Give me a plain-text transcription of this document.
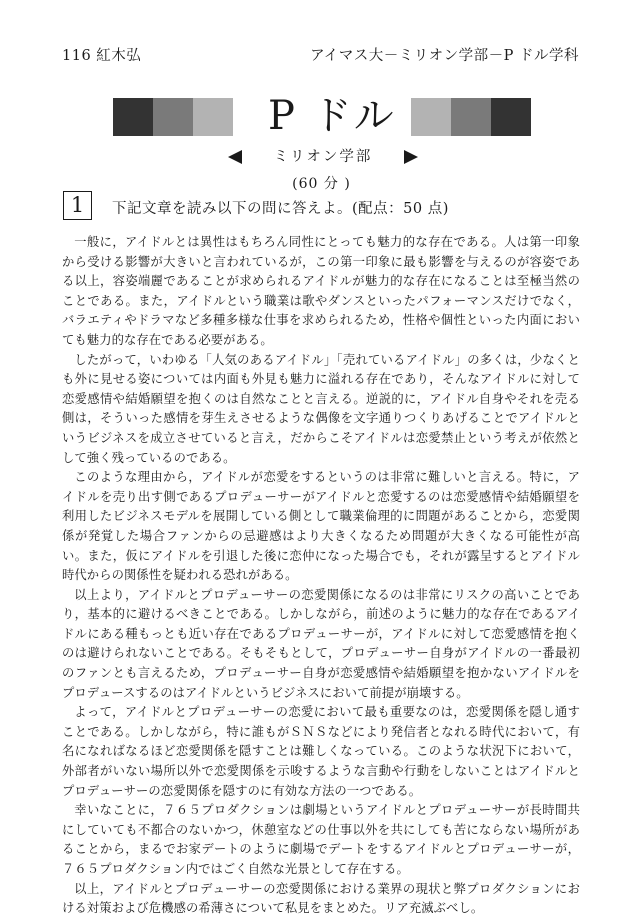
116 紅木弘	アイマス大－ミリオン学部－P ドル学科
P ドル
ミリオン学部
(60 分 )
1	下記文章を読み以下の問に答えよ。(配点：50 点)

一般に，アイドルとは異性はもちろん同性にとっても魅力的な存在である。人は第一印象から受ける影響が大きいと言われているが，この第一印象に最も影響を与えるのが容姿である以上，容姿端麗であることが求められるアイドルが魅力的な存在になることは至極当然のことである。また，アイドルという職業は歌やダンスといったパフォーマンスだけでなく，バラエティやドラマなど多種多様な仕事を求められるため，性格や個性といった内面においても魅力的な存在である必要がある。

したがって，いわゆる「人気のあるアイドル」「売れているアイドル」の多くは，少なくとも外に見せる姿については内面も外見も魅力に溢れる存在であり，そんなアイドルに対して恋愛感情や結婚願望を抱くのは自然なことと言える。逆説的に，アイドル自身やそれを売る側は，そういった感情を芽生えさせるような偶像を文字通りつくりあげることでアイドルというビジネスを成立させていると言え，だからこそアイドルは恋愛禁止という考えが依然として強く残っているのである。

このような理由から，アイドルが恋愛をするというのは非常に難しいと言える。特に，アイドルを売り出す側であるプロデューサーがアイドルと恋愛するのは恋愛感情や結婚願望を利用したビジネスモデルを展開している側として職業倫理的に問題があることから，恋愛関係が発覚した場合ファンからの忌避感はより大きくなるため問題が大きくなる可能性が高い。また，仮にアイドルを引退した後に恋仲になった場合でも，それが露呈するとアイドル時代からの関係性を疑われる恐れがある。

以上より，アイドルとプロデューサーの恋愛関係になるのは非常にリスクの高いことであり，基本的に避けるべきことである。しかしながら，前述のように魅力的な存在であるアイドルにある種もっとも近い存在であるプロデューサーが，アイドルに対して恋愛感情を抱くのは避けられないことである。そもそもとして，プロデューサー自身がアイドルの一番最初のファンとも言えるため，プロデューサー自身が恋愛感情や結婚願望を抱かないアイドルをプロデュースするのはアイドルというビジネスにおいて前提が崩壊する。

よって，アイドルとプロデューサーの恋愛において最も重要なのは，恋愛関係を隠し通すことである。しかしながら，特に誰もがＳＮＳなどにより発信者となれる時代において，有名になればなるほど恋愛関係を隠すことは難しくなっている。このような状況下において，外部者がいない場所以外で恋愛関係を示唆するような言動や行動をしないことはアイドルとプロデューサーの恋愛関係を隠すのに有効な方法の一つである。

幸いなことに，７６５プロダクションは劇場というアイドルとプロデューサーが長時間共にしていても不都合のないかつ，休憩室などの仕事以外を共にしても苦にならない場所があることから，まるでお家デートのように劇場でデートをするアイドルとプロデューサーが，７６５プロダクション内ではごく自然な光景として存在する。

以上，アイドルとプロデューサーの恋愛関係における業界の現状と弊プロダクションにおける対策および危機感の希薄さについて私見をまとめた。リア充滅ぶべし。
